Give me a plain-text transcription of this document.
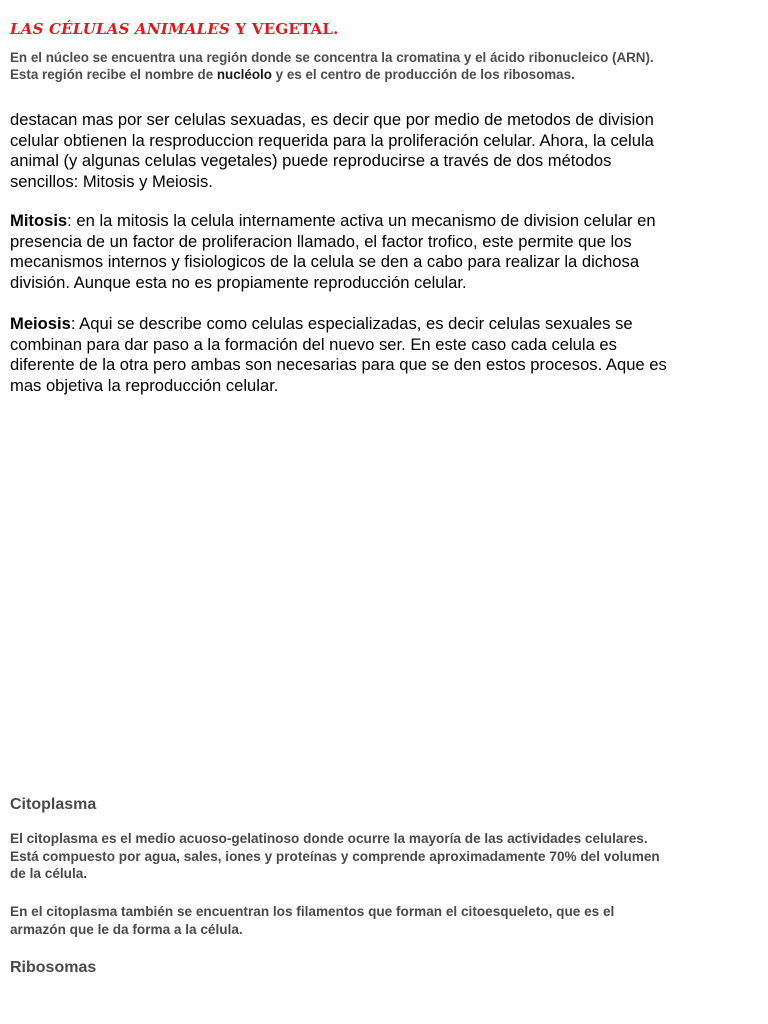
LAS CÉLULAS ANIMALES Y VEGETAL.

En el núcleo se encuentra una región donde se concentra la cromatina y el ácido ribonucleico (ARN). Esta región recibe el nombre de nucléolo y es el centro de producción de los ribosomas.

destacan mas por ser celulas sexuadas, es decir que por medio de metodos de division celular obtienen la resproduccion requerida para la proliferación celular. Ahora, la celula animal (y algunas celulas vegetales) puede reproducirse a través de dos métodos sencillos: Mitosis y Meiosis.

Mitosis: en la mitosis la celula internamente activa un mecanismo de division celular en presencia de un factor de proliferacion llamado, el factor trofico, este permite que los mecanismos internos y fisiologicos de la celula se den a cabo para realizar la dichosa división. Aunque esta no es propiamente reproducción celular.

Meiosis: Aqui se describe como celulas especializadas, es decir celulas sexuales se combinan para dar paso a la formación del nuevo ser. En este caso cada celula es diferente de la otra pero ambas son necesarias para que se den estos procesos. Aque es mas objetiva la reproducción celular.

Citoplasma

El citoplasma es el medio acuoso-gelatinoso donde ocurre la mayoría de las actividades celulares. Está compuesto por agua, sales, iones y proteínas y comprende aproximadamente 70% del volumen de la célula.

En el citoplasma también se encuentran los filamentos que forman el citoesqueleto, que es el armazón que le da forma a la célula.

Ribosomas
